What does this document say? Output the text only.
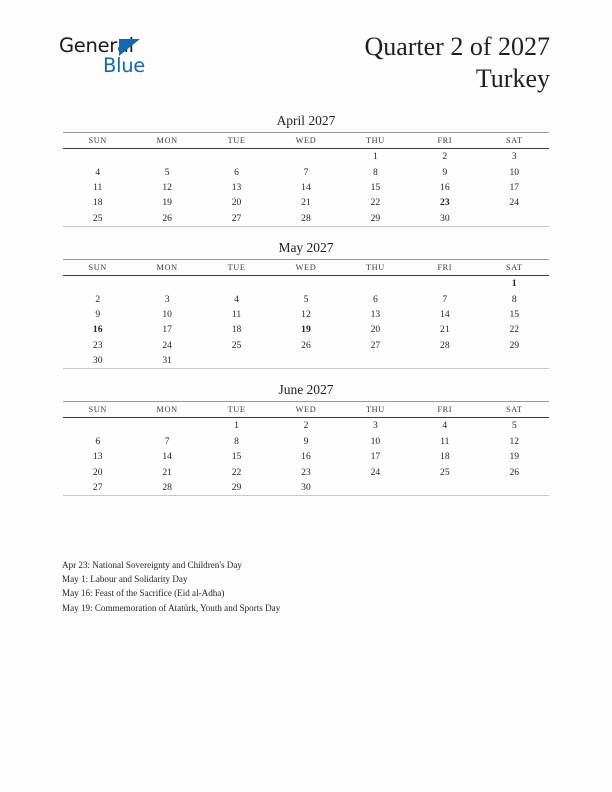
General
Blue
Quarter 2 of 2027
Turkey
April 2027
SUN	MON	TUE	WED	THU	FRI	SAT
				1	2	3
4	5	6	7	8	9	10
11	12	13	14	15	16	17
18	19	20	21	22	23	24
25	26	27	28	29	30	
May 2027
SUN	MON	TUE	WED	THU	FRI	SAT
						1
2	3	4	5	6	7	8
9	10	11	12	13	14	15
16	17	18	19	20	21	22
23	24	25	26	27	28	29
30	31					
June 2027
SUN	MON	TUE	WED	THU	FRI	SAT
		1	2	3	4	5
6	7	8	9	10	11	12
13	14	15	16	17	18	19
20	21	22	23	24	25	26
27	28	29	30			
Apr 23: National Sovereignty and Children's Day
May 1: Labour and Solidarity Day
May 16: Feast of the Sacrifice (Eid al-Adha)
May 19: Commemoration of Atatürk, Youth and Sports Day
